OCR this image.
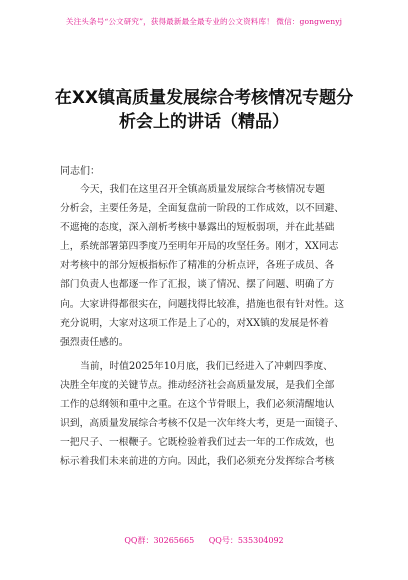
关注头条号“公文研究”，获得最新最全最专业的公文资料库！ 微信：gongwenyj
在XX镇高质量发展综合考核情况专题分
析会上的讲话（精品）
同志们：

今天，我们在这里召开全镇高质量发展综合考核情况专题
分析会，主要任务是，全面复盘前一阶段的工作成效，以不回避、
不遮掩的态度，深入剖析考核中暴露出的短板弱项，并在此基础
上，系统部署第四季度乃至明年开局的攻坚任务。刚才，XX同志
对考核中的部分短板指标作了精准的分析点评，各班子成员、各
部门负责人也都逐一作了汇报，谈了情况、摆了问题、明确了方
向。大家讲得都很实在，问题找得比较准，措施也很有针对性。这
充分说明，大家对这项工作是上了心的，对XX镇的发展是怀着
强烈责任感的。

当前，时值2025年10月底，我们已经进入了冲刺四季度、
决胜全年度的关键节点。推动经济社会高质量发展，是我们全部
工作的总纲领和重中之重。在这个节骨眼上，我们必须清醒地认
识到，高质量发展综合考核不仅是一次年终大考，更是一面镜子、
一把尺子、一根鞭子。它既检验着我们过去一年的工作成效，也
标示着我们未来前进的方向。因此，我们必须充分发挥综合考核

QQ群：30265665 QQ号：535304092
